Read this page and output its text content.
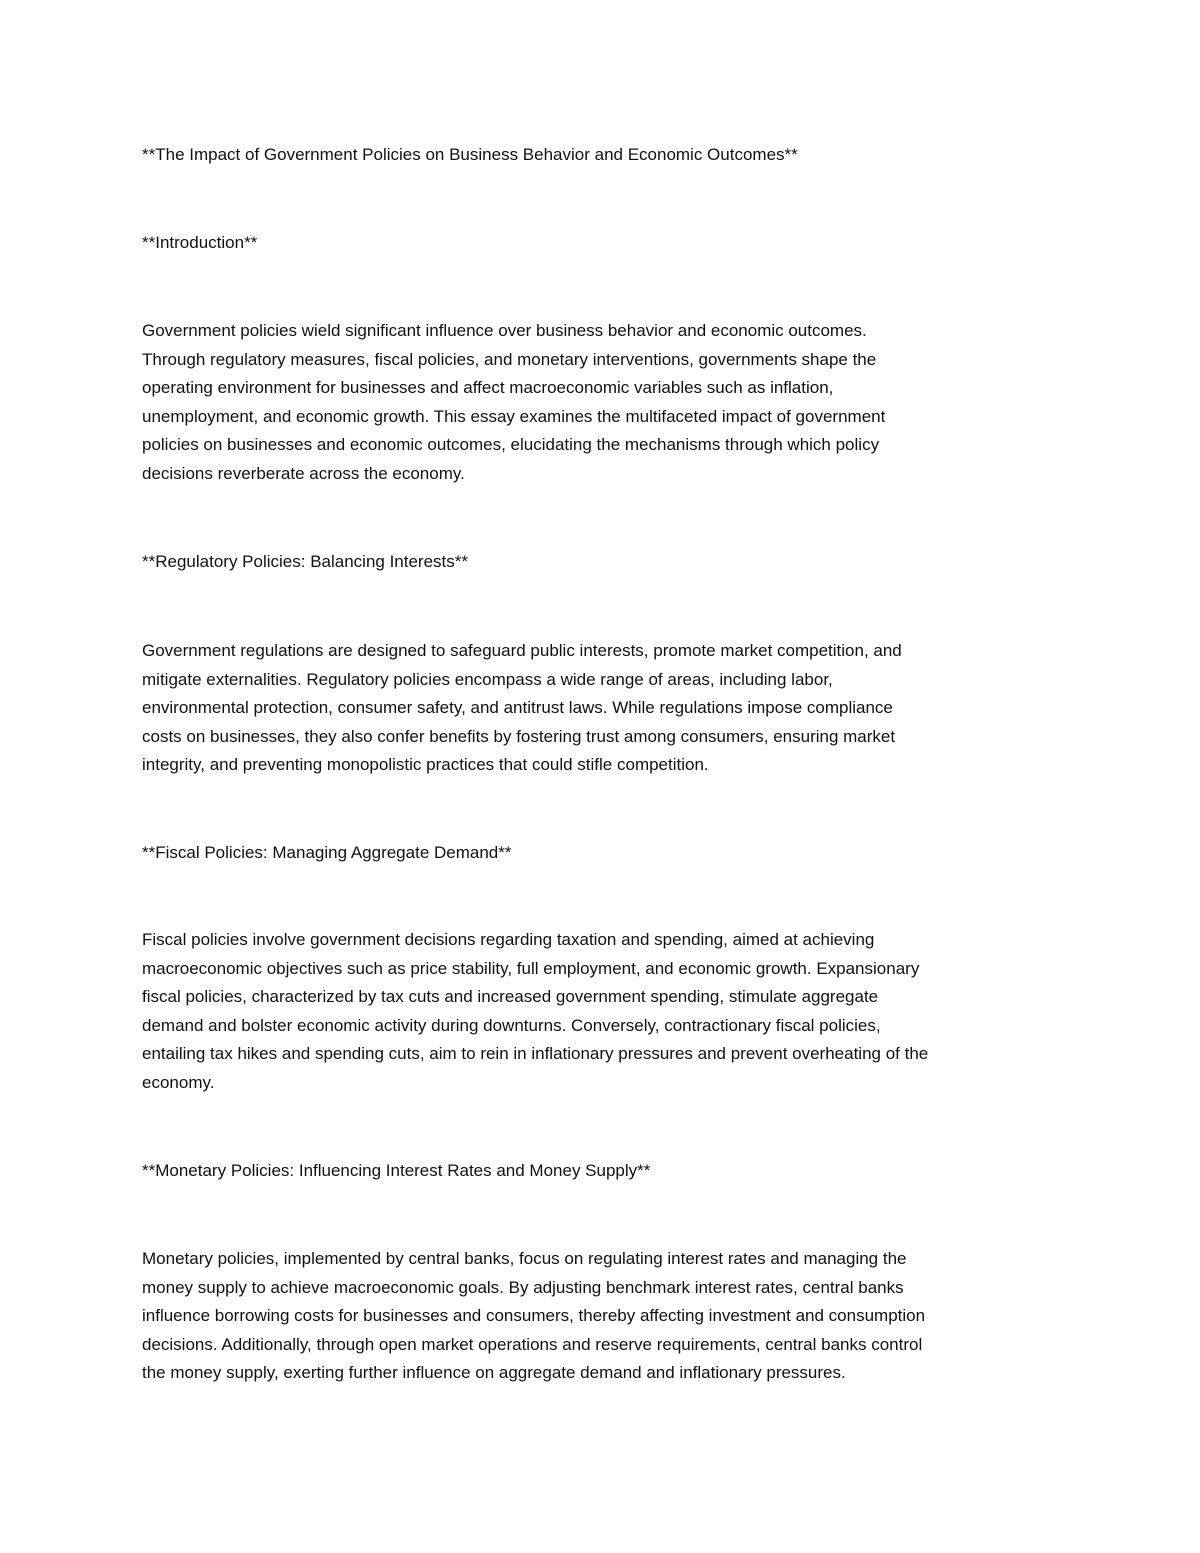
**The Impact of Government Policies on Business Behavior and Economic Outcomes**

**Introduction**

Government policies wield significant influence over business behavior and economic outcomes.
Through regulatory measures, fiscal policies, and monetary interventions, governments shape the
operating environment for businesses and affect macroeconomic variables such as inflation,
unemployment, and economic growth. This essay examines the multifaceted impact of government
policies on businesses and economic outcomes, elucidating the mechanisms through which policy
decisions reverberate across the economy.

**Regulatory Policies: Balancing Interests**

Government regulations are designed to safeguard public interests, promote market competition, and
mitigate externalities. Regulatory policies encompass a wide range of areas, including labor,
environmental protection, consumer safety, and antitrust laws. While regulations impose compliance
costs on businesses, they also confer benefits by fostering trust among consumers, ensuring market
integrity, and preventing monopolistic practices that could stifle competition.

**Fiscal Policies: Managing Aggregate Demand**

Fiscal policies involve government decisions regarding taxation and spending, aimed at achieving
macroeconomic objectives such as price stability, full employment, and economic growth. Expansionary
fiscal policies, characterized by tax cuts and increased government spending, stimulate aggregate
demand and bolster economic activity during downturns. Conversely, contractionary fiscal policies,
entailing tax hikes and spending cuts, aim to rein in inflationary pressures and prevent overheating of the
economy.

**Monetary Policies: Influencing Interest Rates and Money Supply**

Monetary policies, implemented by central banks, focus on regulating interest rates and managing the
money supply to achieve macroeconomic goals. By adjusting benchmark interest rates, central banks
influence borrowing costs for businesses and consumers, thereby affecting investment and consumption
decisions. Additionally, through open market operations and reserve requirements, central banks control
the money supply, exerting further influence on aggregate demand and inflationary pressures.
